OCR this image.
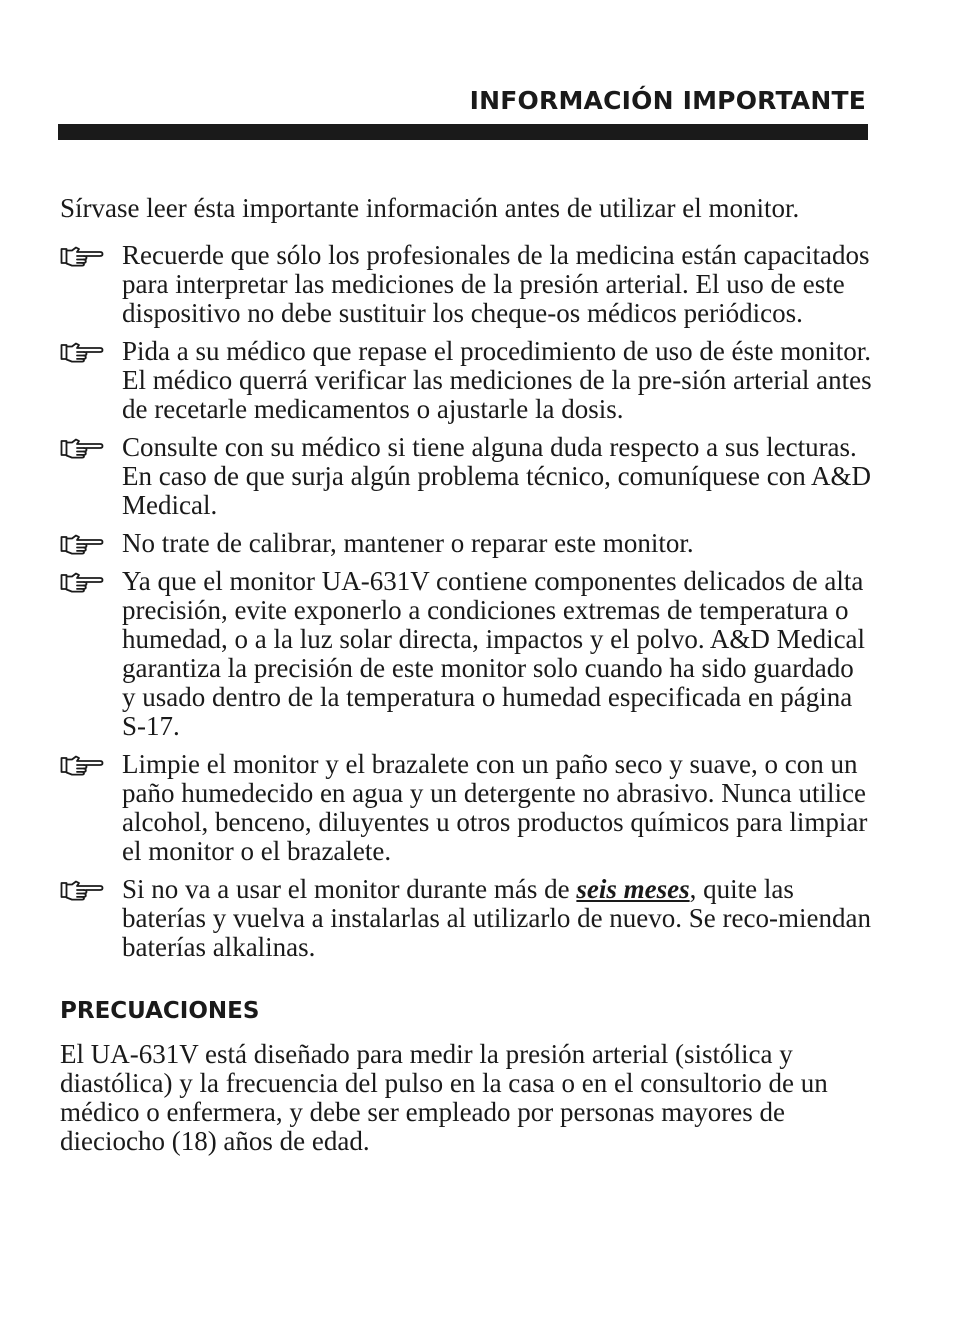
INFORMACIÓN IMPORTANTE

Sírvase leer ésta importante información antes de utilizar el monitor.

Recuerde que sólo los profesionales de la medicina están capacitados para interpretar las mediciones de la presión arterial. El uso de este dispositivo no debe sustituir los cheque-os médicos periódicos.
Pida a su médico que repase el procedimiento de uso de éste monitor. El médico querrá verificar las mediciones de la pre-sión arterial antes de recetarle medicamentos o ajustarle la dosis.
Consulte con su médico si tiene alguna duda respecto a sus lecturas. En caso de que surja algún problema técnico, comuníquese con A&D Medical.
No trate de calibrar, mantener o reparar este monitor.
Ya que el monitor UA-631V contiene componentes delicados de alta precisión, evite exponerlo a condiciones extremas de temperatura o humedad, o a la luz solar directa, impactos y el polvo. A&D Medical garantiza la precisión de este monitor solo cuando ha sido guardado y usado dentro de la temperatura o humedad especificada en página S-17.
Limpie el monitor y el brazalete con un paño seco y suave, o con un paño humedecido en agua y un detergente no abrasivo. Nunca utilice alcohol, benceno, diluyentes u otros productos químicos para limpiar el monitor o el brazalete.
Si no va a usar el monitor durante más de seis meses, quite las baterías y vuelva a instalarlas al utilizarlo de nuevo. Se reco-miendan baterías alkalinas.
PRECUACIONES

El UA-631V está diseñado para medir la presión arterial (sistólica y diastólica) y la frecuencia del pulso en la casa o en el consultorio de un médico o enfermera, y debe ser empleado por personas mayores de dieciocho (18) años de edad.
